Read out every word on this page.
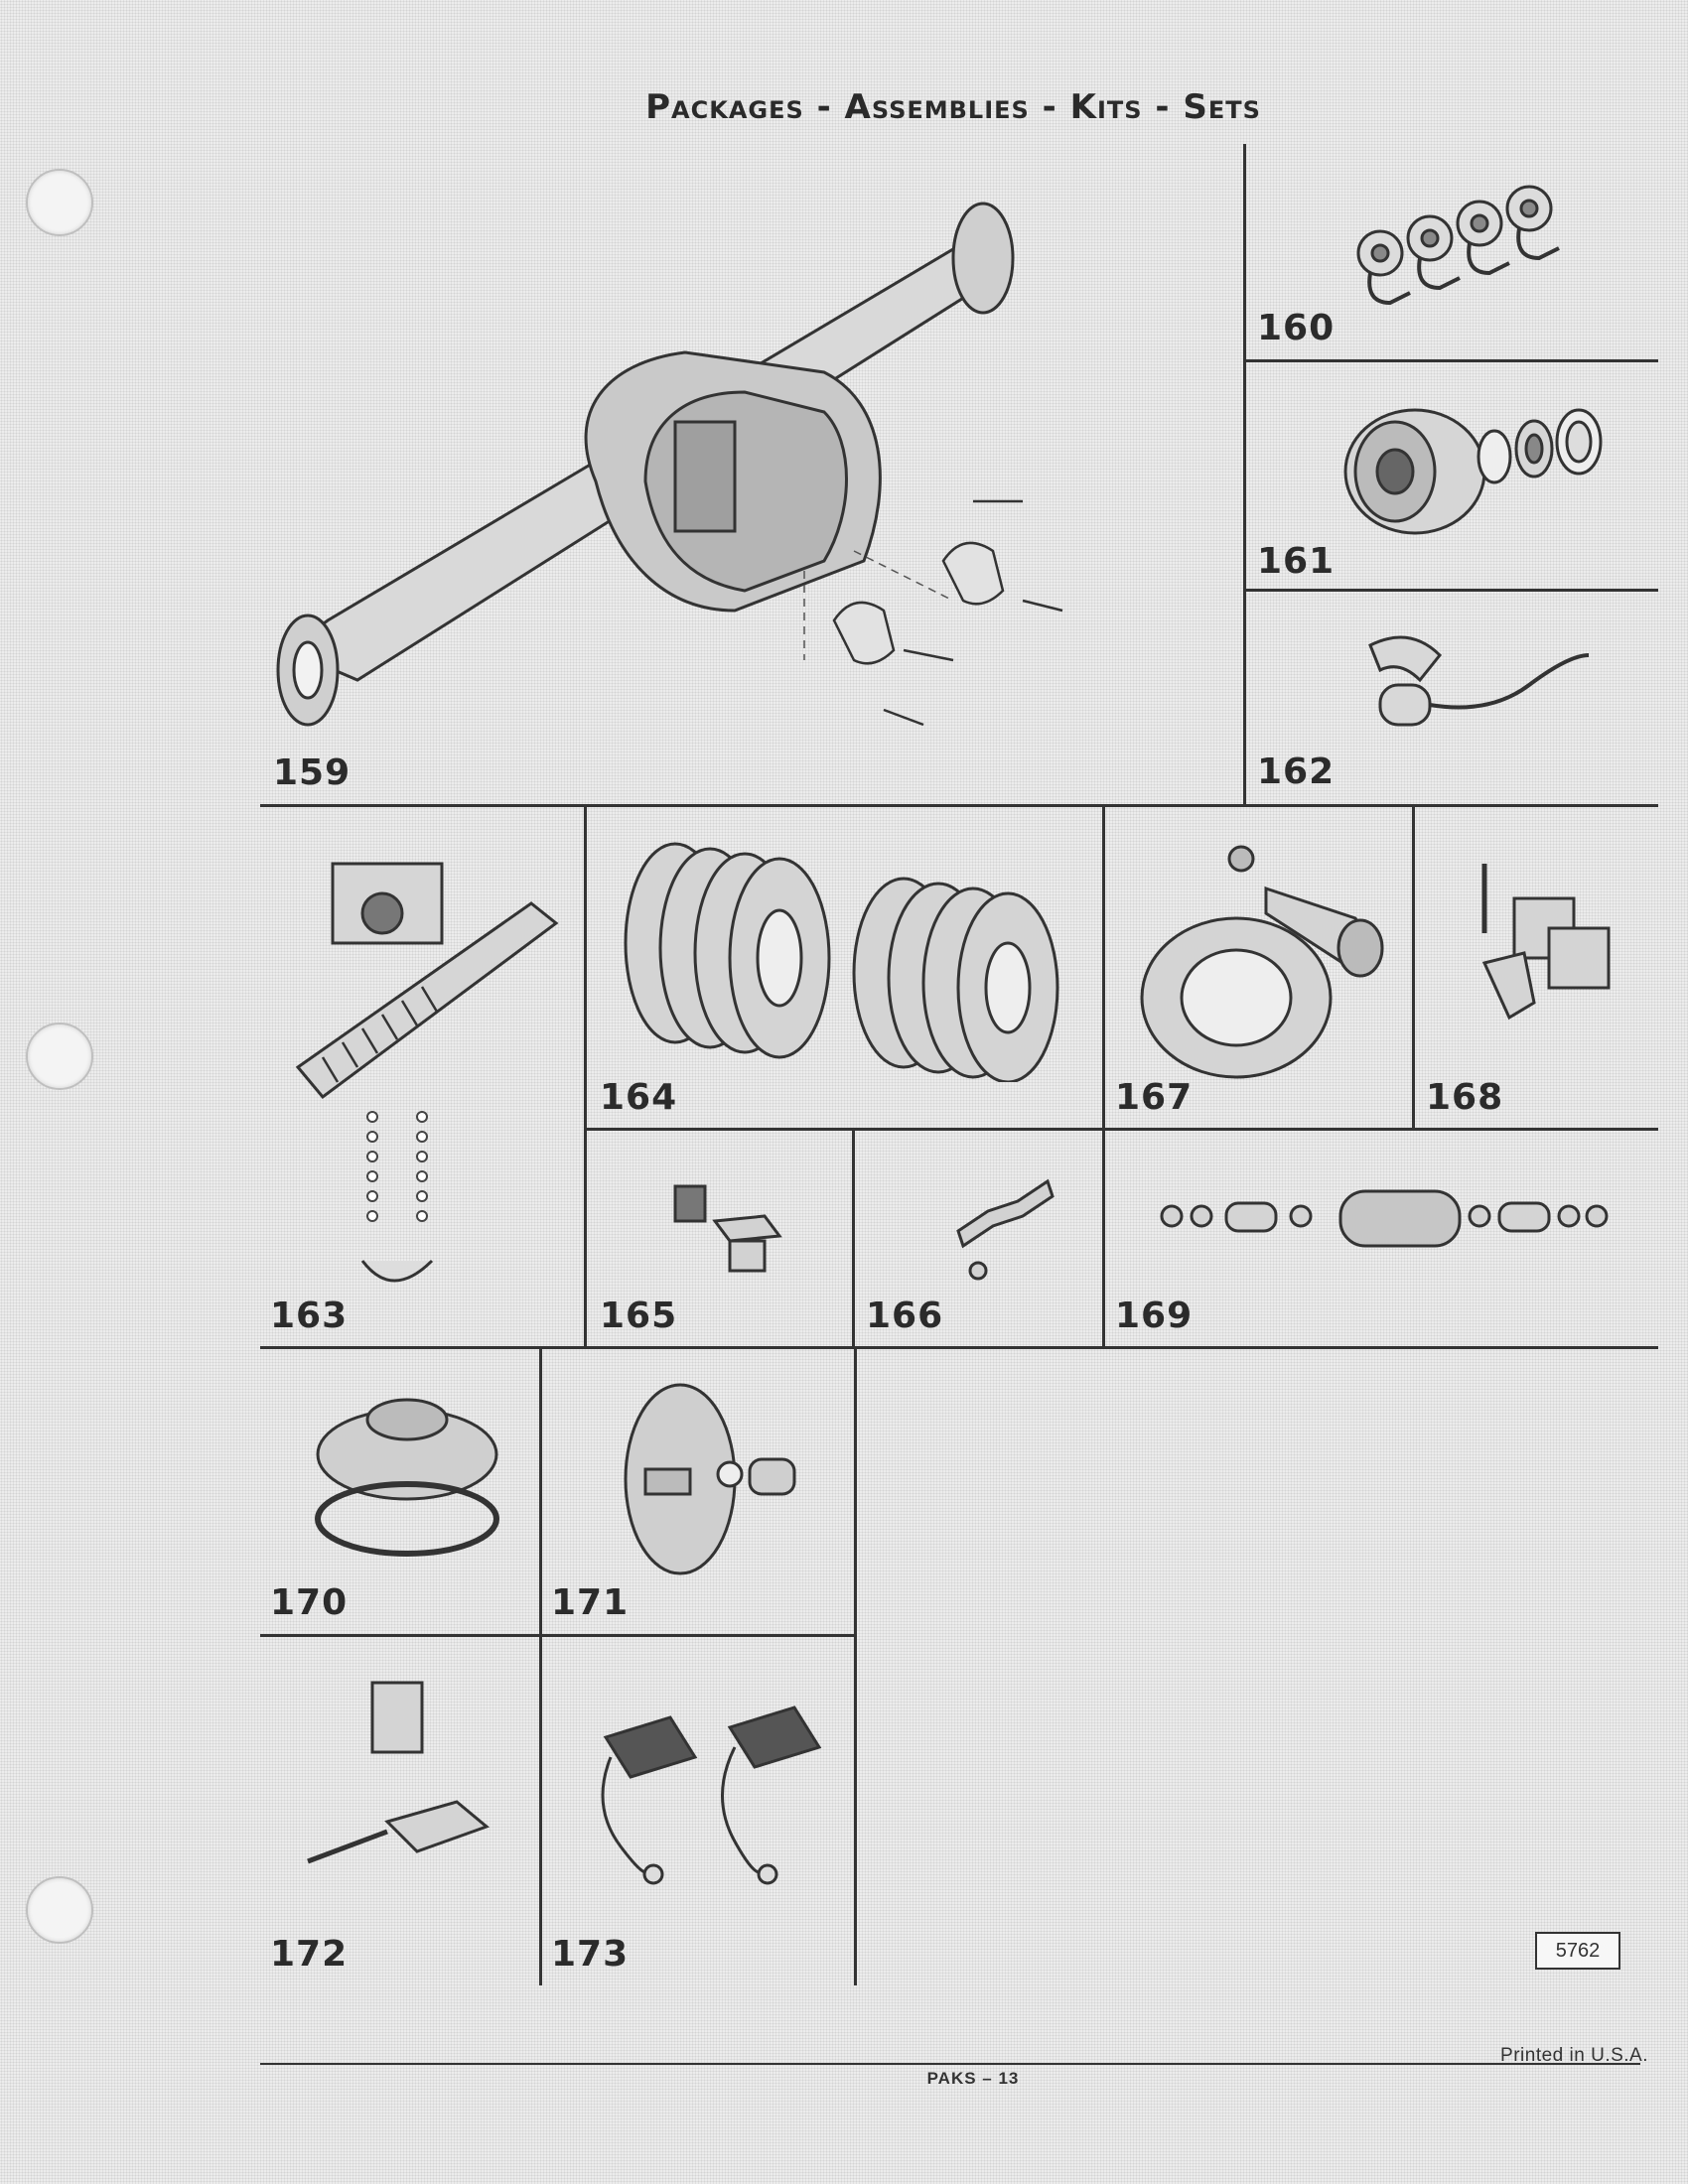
Packages - Assemblies - Kits - Sets
159
160
161
162
163
164
165	166
167	168
169
170	171
172	173	5762
PAKS – 13
Printed in U.S.A.
